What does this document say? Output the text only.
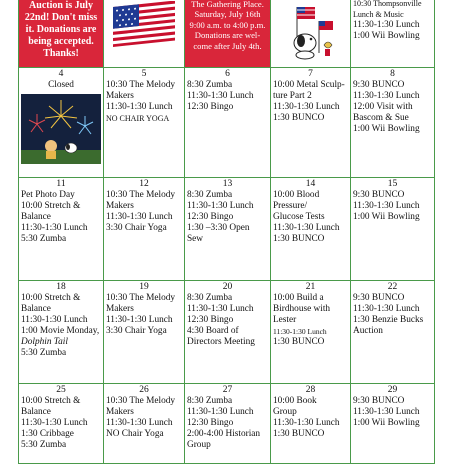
Auction is July
22nd! Don't miss
it. Donations are
being accepted.
Thanks!
The Gathering Place.
Saturday, July 16th
9:00 a.m. to 4:00 p.m.
Donations are wel-
come after July 4th.
10:30 Thompsonville
Lunch & Music
11:30-1:30 Lunch
1:00 Wii Bowling
4
Closed
5
10:30 The Melody
Makers
11:30-1:30 Lunch
NO CHAIR YOGA
6
8:30 Zumba
11:30-1:30 Lunch
12:30 Bingo
7
10:00 Metal Sculp-
ture Part 2
11:30-1:30 Lunch
1:30 BUNCO
8
9:30 BUNCO
11:30-1:30 Lunch
12:00 Visit with
Bascom & Sue
1:00 Wii Bowling
11
Pet Photo Day
10:00 Stretch &
Balance
11:30-1:30 Lunch
5:30 Zumba
12
10:30 The Melody
Makers
11:30-1:30 Lunch
3:30 Chair Yoga
13
8:30 Zumba
11:30-1:30 Lunch
12:30 Bingo
1:30 –3:30 Open
Sew
14
10:00 Blood
Pressure/
Glucose Tests
11:30-1:30 Lunch
1:30 BUNCO
15
9:30 BUNCO
11:30-1:30 Lunch
1:00 Wii Bowling
18
10:00 Stretch &
Balance
11:30-1:30 Lunch
1:00 Movie Monday,
Dolphin Tail
5:30 Zumba
19
10:30 The Melody
Makers
11:30-1:30 Lunch
3:30 Chair Yoga
20
8:30 Zumba
11:30-1:30 Lunch
12:30 Bingo
4:30 Board of
Directors Meeting
21
10:00 Build a
Birdhouse with
Lester
11:30-1:30 Lunch
1:30 BUNCO
22
9:30 BUNCO
11:30-1:30 Lunch
1:30 Benzie Bucks
Auction
25
10:00 Stretch &
Balance
11:30-1:30 Lunch
1:30 Cribbage
5:30 Zumba
26
10:30 The Melody
Makers
11:30-1:30 Lunch
NO Chair Yoga
27
8:30 Zumba
11:30-1:30 Lunch
12:30 Bingo
2:00-4:00 Historian
Group
28
10:00 Book
Group
11:30-1:30 Lunch
1:30 BUNCO
29
9:30 BUNCO
11:30-1:30 Lunch
1:00 Wii Bowling
